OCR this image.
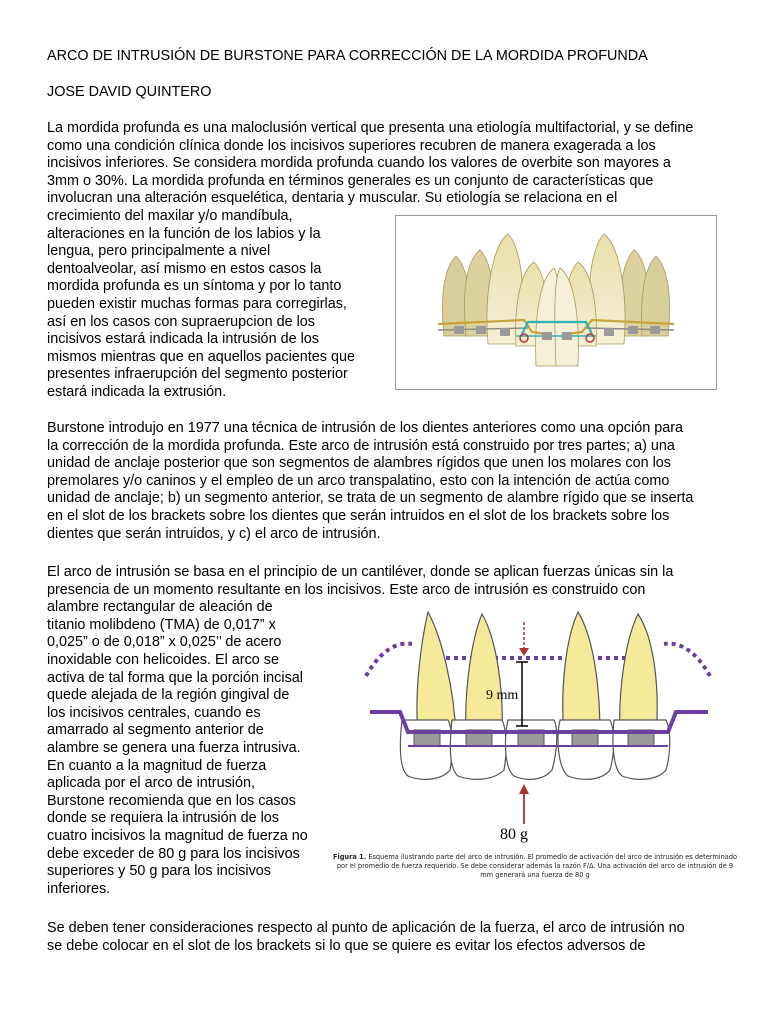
ARCO DE INTRUSIÓN DE BURSTONE PARA CORRECCIÓN DE LA MORDIDA PROFUNDA
JOSE DAVID QUINTERO
La mordida profunda es una maloclusión vertical que presenta una etiología multifactorial, y se define
como una condición clínica donde los incisivos superiores recubren de manera exagerada a los
incisivos inferiores. Se considera mordida profunda cuando los valores de overbite son mayores a
3mm o 30%. La mordida profunda en términos generales es un conjunto de características que
involucran una alteración esquelética, dentaria y muscular. Su etiología se relaciona en el
crecimiento del maxilar y/o mandíbula,
alteraciones en la función de los labios y la
lengua, pero principalmente a nivel
dentoalveolar, así mismo en estos casos la
mordida profunda es un síntoma y por lo tanto
pueden existir muchas formas para corregirlas,
así en los casos con supraerupcion de los
incisivos estará indicada la intrusión de los
mismos mientras que en aquellos pacientes que
presentes infraerupción del segmento posterior
estará indicada la extrusión.
Burstone introdujo en 1977 una técnica de intrusión de los dientes anteriores como una opción para
la corrección de la mordida profunda. Este arco de intrusión está construido por tres partes; a) una
unidad de anclaje posterior que son segmentos de alambres rígidos que unen los molares con los
premolares y/o caninos y el empleo de un arco transpalatino, esto con la intención de actúa como
unidad de anclaje; b) un segmento anterior, se trata de un segmento de alambre rígido que se inserta
en el slot de los brackets sobre los dientes que serán intruidos en el slot de los brackets sobre los
dientes que serán intruidos, y c) el arco de intrusión.
El arco de intrusión se basa en el principio de un cantiléver, donde se aplican fuerzas únicas sin la
presencia de un momento resultante en los incisivos. Este arco de intrusión es construido con
alambre rectangular de aleación de
titanio molibdeno (TMA) de 0,017” x
0,025” o de 0,018” x 0,025’’ de acero
inoxidable con helicoides. El arco se
activa de tal forma que la porción incisal
quede alejada de la región gingival de
los incisivos centrales, cuando es
amarrado al segmento anterior de
alambre se genera una fuerza intrusiva.
En cuanto a la magnitud de fuerza
aplicada por el arco de intrusión,
Burstone recomienda que en los casos
donde se requiera la intrusión de los
cuatro incisivos la magnitud de fuerza no
debe exceder de 80 g para los incisivos
superiores y 50 g para los incisivos
inferiores.
9 mm
80 g
Figura 1. Esquema ilustrando parte del arco de intrusión. El promedio de activación del arco de intrusión es determinado
por el promedio de fuerza requerido. Se debe considerar además la razón F/Δ. Una activación del arco de intrusión de 9
mm generará una fuerza de 80 g
Se deben tener consideraciones respecto al punto de aplicación de la fuerza, el arco de intrusión no
se debe colocar en el slot de los brackets si lo que se quiere es evitar los efectos adversos de
